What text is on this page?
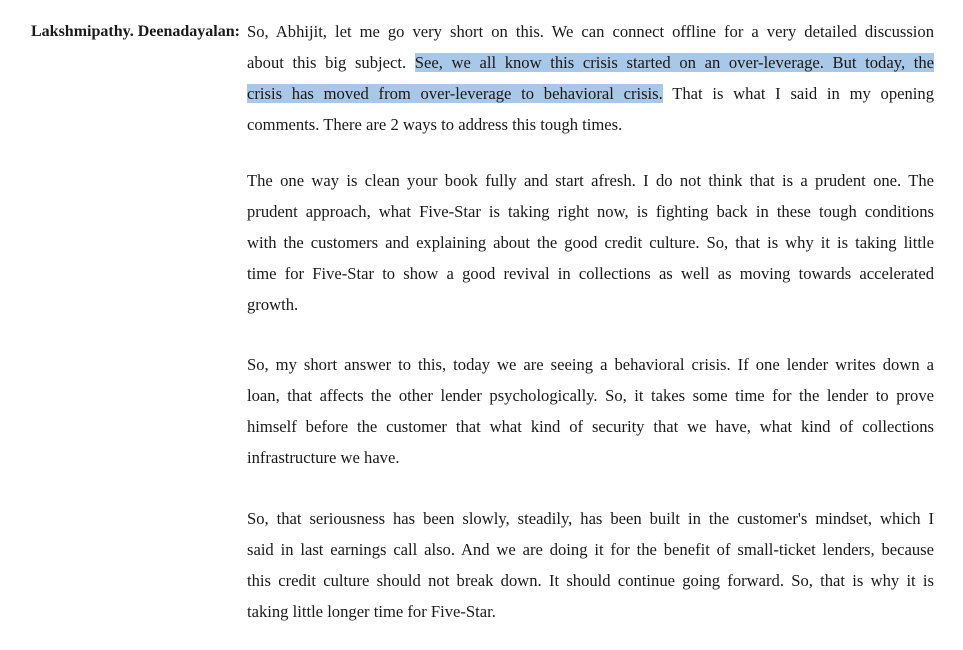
Lakshmipathy. Deenadayalan: So, Abhijit, let me go very short on this. We can connect offline for a very detailed discussion
about this big subject. See, we all know this crisis started on an over-leverage. But today, the
crisis has moved from over-leverage to behavioral crisis. That is what I said in my opening
comments. There are 2 ways to address this tough times.
The one way is clean your book fully and start afresh. I do not think that is a prudent one. The
prudent approach, what Five-Star is taking right now, is fighting back in these tough conditions
with the customers and explaining about the good credit culture. So, that is why it is taking little
time for Five-Star to show a good revival in collections as well as moving towards accelerated
growth.
So, my short answer to this, today we are seeing a behavioral crisis. If one lender writes down a
loan, that affects the other lender psychologically. So, it takes some time for the lender to prove
himself before the customer that what kind of security that we have, what kind of collections
infrastructure we have.
So, that seriousness has been slowly, steadily, has been built in the customer's mindset, which I
said in last earnings call also. And we are doing it for the benefit of small-ticket lenders, because
this credit culture should not break down. It should continue going forward. So, that is why it is
taking little longer time for Five-Star.
